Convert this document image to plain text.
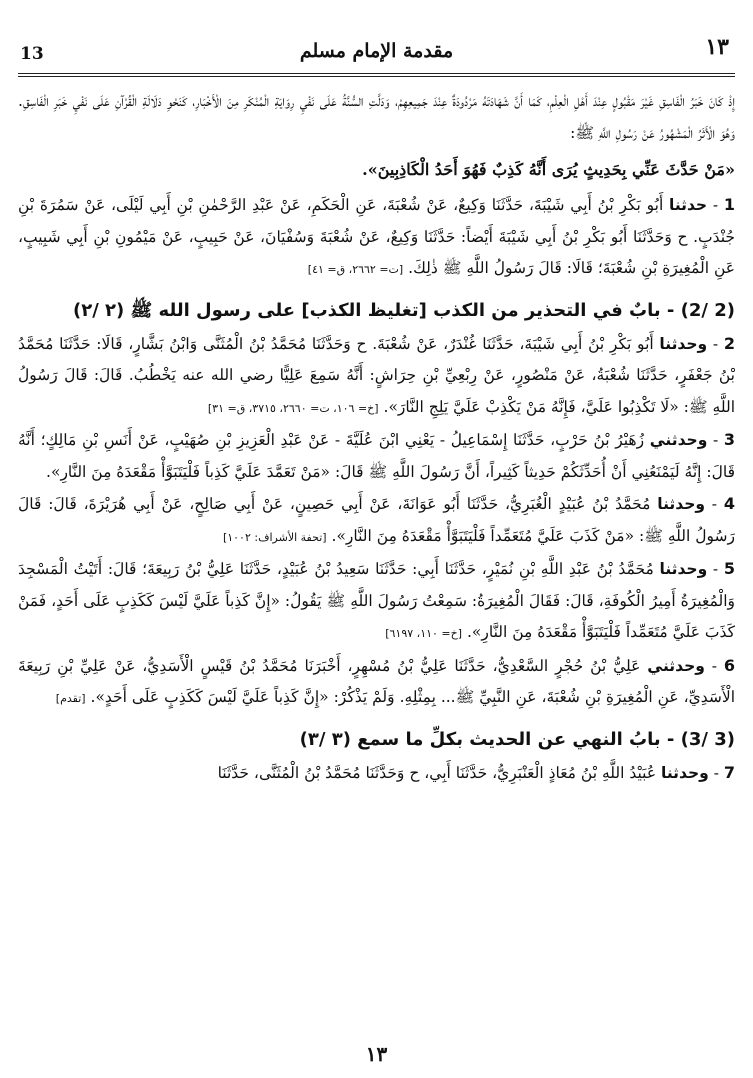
13	مقدمة الإمام مسلم	١٣

إِذْ كَانَ خَبَرُ الْفَاسِقِ غَيْرَ مَقْبُولٍ عِنْدَ أَهْلِ الْعِلْمِ، كَمَا أَنَّ شَهَادَتَهُ مَرْدُودَةٌ عِنْدَ جَمِيعِهِمْ، وَدَلَّتِ السُّنَّةُ عَلَى نَفْيِ رِوَايَةِ الْمُنْكَرِ مِنَ الْأَخْبَارِ، كَنَحْوِ دَلَالَةِ الْقُرْآنِ عَلَى نَفْيِ خَبَرِ الْفَاسِقِ. وَهُوَ الْأَثَرُ الْمَشْهُورُ عَنْ رَسُولِ اللَّهِ ﷺ:

«مَنْ حَدَّثَ عَنِّي بِحَدِيثٍ يُرَى أَنَّهُ كَذِبٌ فَهُوَ أَحَدُ الْكَاذِبِينَ».

1 - حدثنا أَبُو بَكْرِ بْنُ أَبِي شَيْبَةَ، حَدَّثَنَا وَكِيعٌ، عَنْ شُعْبَةَ، عَنِ الْحَكَمِ، عَنْ عَبْدِ الرَّحْمٰنِ بْنِ أَبِي لَيْلَى، عَنْ سَمُرَةَ بْنِ جُنْدَبٍ. ح وَحَدَّثَنَا أَبُو بَكْرِ بْنُ أَبِي شَيْبَةَ أَيْضاً: حَدَّثَنَا وَكِيعٌ، عَنْ شُعْبَةَ وَسُفْيَانَ، عَنْ حَبِيبٍ، عَنْ مَيْمُونِ بْنِ أَبِي شَبِيبٍ، عَنِ الْمُغِيرَةِ بْنِ شُعْبَةَ؛ قَالَا: قَالَ رَسُولُ اللَّهِ ﷺ ذٰلِكَ. [ت= ٢٦٦٢، ق= ٤١]

(2 /2) - بابٌ في التحذير من الكذب [تغليظ الكذب] على رسول الله ﷺ (٢ /٢)

2 - وحدثنا أَبُو بَكْرِ بْنُ أَبِي شَيْبَةَ، حَدَّثَنَا غُنْدَرٌ، عَنْ شُعْبَةَ. ح وَحَدَّثَنَا مُحَمَّدُ بْنُ الْمُثَنَّى وَابْنُ بَشَّارٍ، قَالَا: حَدَّثَنَا مُحَمَّدُ بْنُ جَعْفَرٍ، حَدَّثَنَا شُعْبَةُ، عَنْ مَنْصُورٍ، عَنْ رِبْعِيِّ بْنِ حِرَاشٍ: أَنَّهُ سَمِعَ عَلِيًّا رضي الله عنه يَخْطُبُ. قَالَ: قَالَ رَسُولُ اللَّهِ ﷺ: «لَا تَكْذِبُوا عَلَيَّ، فَإِنَّهُ مَنْ يَكْذِبْ عَلَيَّ يَلِجِ النَّارَ». [خ= ١٠٦، ت= ٢٦٦٠، ٣٧١٥، ق= ٣١]

3 - وحدثني زُهَيْرُ بْنُ حَرْبٍ، حَدَّثَنَا إِسْمَاعِيلُ - يَعْنِي ابْنَ عُلَيَّةَ - عَنْ عَبْدِ الْعَزِيزِ بْنِ صُهَيْبٍ، عَنْ أَنَسِ بْنِ مَالِكٍ؛ أَنَّهُ قَالَ: إِنَّهُ لَيَمْنَعُنِي أَنْ أُحَدِّثَكُمْ حَدِيثاً كَثِيراً، أَنَّ رَسُولَ اللَّهِ ﷺ قَالَ: «مَنْ تَعَمَّدَ عَلَيَّ كَذِباً فَلْيَتَبَوَّأْ مَقْعَدَهُ مِنَ النَّارِ».

4 - وحدثنا مُحَمَّدُ بْنُ عُبَيْدٍ الْغُبَرِيُّ، حَدَّثَنَا أَبُو عَوَانَةَ، عَنْ أَبِي حَصِينٍ، عَنْ أَبِي صَالِحٍ، عَنْ أَبِي هُرَيْرَةَ، قَالَ: قَالَ رَسُولُ اللَّهِ ﷺ: «مَنْ كَذَبَ عَلَيَّ مُتَعَمِّداً فَلْيَتَبَوَّأْ مَقْعَدَهُ مِنَ النَّارِ». [تحفة الأشراف: ١٠٠٢]

5 - وحدثنا مُحَمَّدُ بْنُ عَبْدِ اللَّهِ بْنِ نُمَيْرٍ، حَدَّثَنَا أَبِي: حَدَّثَنَا سَعِيدُ بْنُ عُبَيْدٍ، حَدَّثَنَا عَلِيُّ بْنُ رَبِيعَةَ؛ قَالَ: أَتَيْتُ الْمَسْجِدَ وَالْمُغِيرَةُ أَمِيرُ الْكُوفَةِ، قَالَ: فَقَالَ الْمُغِيرَةُ: سَمِعْتُ رَسُولَ اللَّهِ ﷺ يَقُولُ: «إِنَّ كَذِباً عَلَيَّ لَيْسَ كَكَذِبٍ عَلَى أَحَدٍ، فَمَنْ كَذَبَ عَلَيَّ مُتَعَمِّداً فَلْيَتَبَوَّأْ مَقْعَدَهُ مِنَ النَّارِ». [خ= ١١٠، ٦١٩٧]

6 - وحدثني عَلِيُّ بْنُ حُجْرٍ السَّعْدِيُّ، حَدَّثَنَا عَلِيُّ بْنُ مُسْهِرٍ، أَخْبَرَنَا مُحَمَّدُ بْنُ قَيْسٍ الْأَسَدِيُّ، عَنْ عَلِيِّ بْنِ رَبِيعَةَ الْأَسَدِيِّ، عَنِ الْمُغِيرَةِ بْنِ شُعْبَةَ، عَنِ النَّبِيِّ ﷺ... بِمِثْلِهِ. وَلَمْ يَذْكُرْ: «إِنَّ كَذِباً عَلَيَّ لَيْسَ كَكَذِبٍ عَلَى أَحَدٍ». [تقدم]

(3 /3) - بابُ النهي عن الحديث بكلِّ ما سمع (٣ /٣)

7 - وحدثنا عُبَيْدُ اللَّهِ بْنُ مُعَاذٍ الْعَنْبَرِيُّ، حَدَّثَنَا أَبِي، ح وَحَدَّثَنَا مُحَمَّدُ بْنُ الْمُثَنَّى، حَدَّثَنَا

١٣
